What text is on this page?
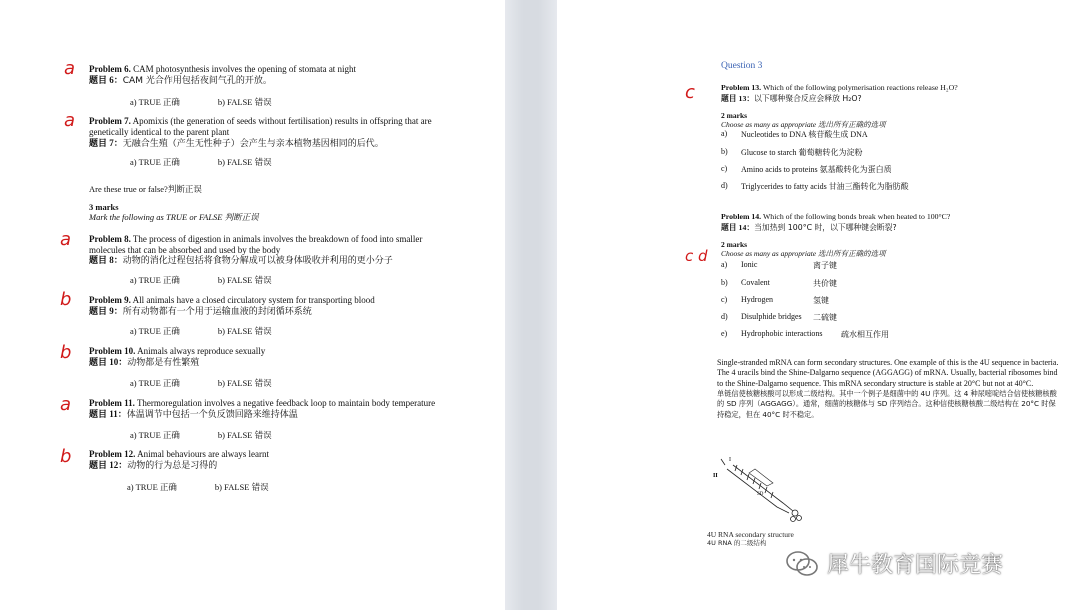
a Problem 6. CAM photosynthesis involves the opening of stomata at night
题目 6：CAM 光合作用包括夜间气孔的开放。
a) TRUE 正确	b) FALSE 错误
a Problem 7. Apomixis (the generation of seeds without fertilisation) results in offspring that are genetically identical to the parent plant
题目 7：无融合生殖（产生无性种子）会产生与亲本植物基因相同的后代。
a) TRUE 正确	b) FALSE 错误
Are these true or false?判断正误
3 marks
Mark the following as TRUE or FALSE 判断正误
a Problem 8. The process of digestion in animals involves the breakdown of food into smaller molecules that can be absorbed and used by the body
题目 8：动物的消化过程包括将食物分解成可以被身体吸收并利用的更小分子
a) TRUE 正确	b) FALSE 错误
b Problem 9. All animals have a closed circulatory system for transporting blood
题目 9：所有动物都有一个用于运输血液的封闭循环系统
a) TRUE 正确	b) FALSE 错误
b Problem 10. Animals always reproduce sexually
题目 10：动物都是有性繁殖
a) TRUE 正确	b) FALSE 错误
a Problem 11. Thermoregulation involves a negative feedback loop to maintain body temperature
题目 11：体温调节中包括一个负反馈回路来维持体温
a) TRUE 正确	b) FALSE 错误
b Problem 12. Animal behaviours are always learnt
题目 12：动物的行为总是习得的
a) TRUE 正确	b) FALSE 错误
Question 3
c	Problem 13. Which of the following polymerisation reactions release H₂O?
题目 13：以下哪种聚合反应会释放 H₂O?
2 marks
Choose as many as appropriate 选出所有正确的选项
a)	Nucleotides to DNA 核苷酸生成 DNA
b)	Glucose to starch 葡萄糖转化为淀粉
c)	Amino acids to proteins 氨基酸转化为蛋白质
d)	Triglycerides to fatty acids 甘油三酯转化为脂肪酸
c d
Problem 14. Which of the following bonds break when heated to 100°C?
题目 14：当加热到 100°C 时，以下哪种键会断裂?
2 marks
Choose as many as appropriate 选出所有正确的选项
a)	Ionic	离子键
b)	Covalent	共价键
c)	Hydrogen	氢键
d)	Disulphide bridges	二硫键
e)	Hydrophobic interactions	疏水相互作用
Single-stranded mRNA can form secondary structures. One example of this is the 4U sequence in bacteria. The 4 uracils bind the Shine-Dalgarno sequence (AGGAGG) of mRNA. Usually, bacterial ribosomes bind to the Shine-Dalgarno sequence. This mRNA secondary structure is stable at 20°C but not at 40°C.
单链信使核糖核酸可以形成二级结构。其中一个例子是细菌中的 4U 序列。这 4 种尿嘧啶结合信使核糖核酸的 SD 序列（AGGAGG）。通常，细菌的核糖体与 SD 序列结合。这种信使核糖核酸二级结构在 20°C 时保持稳定，但在 40°C 时不稳定。
I
II
SD
4U RNA secondary structure
4U RNA 的二级结构
犀牛教育国际竞赛
